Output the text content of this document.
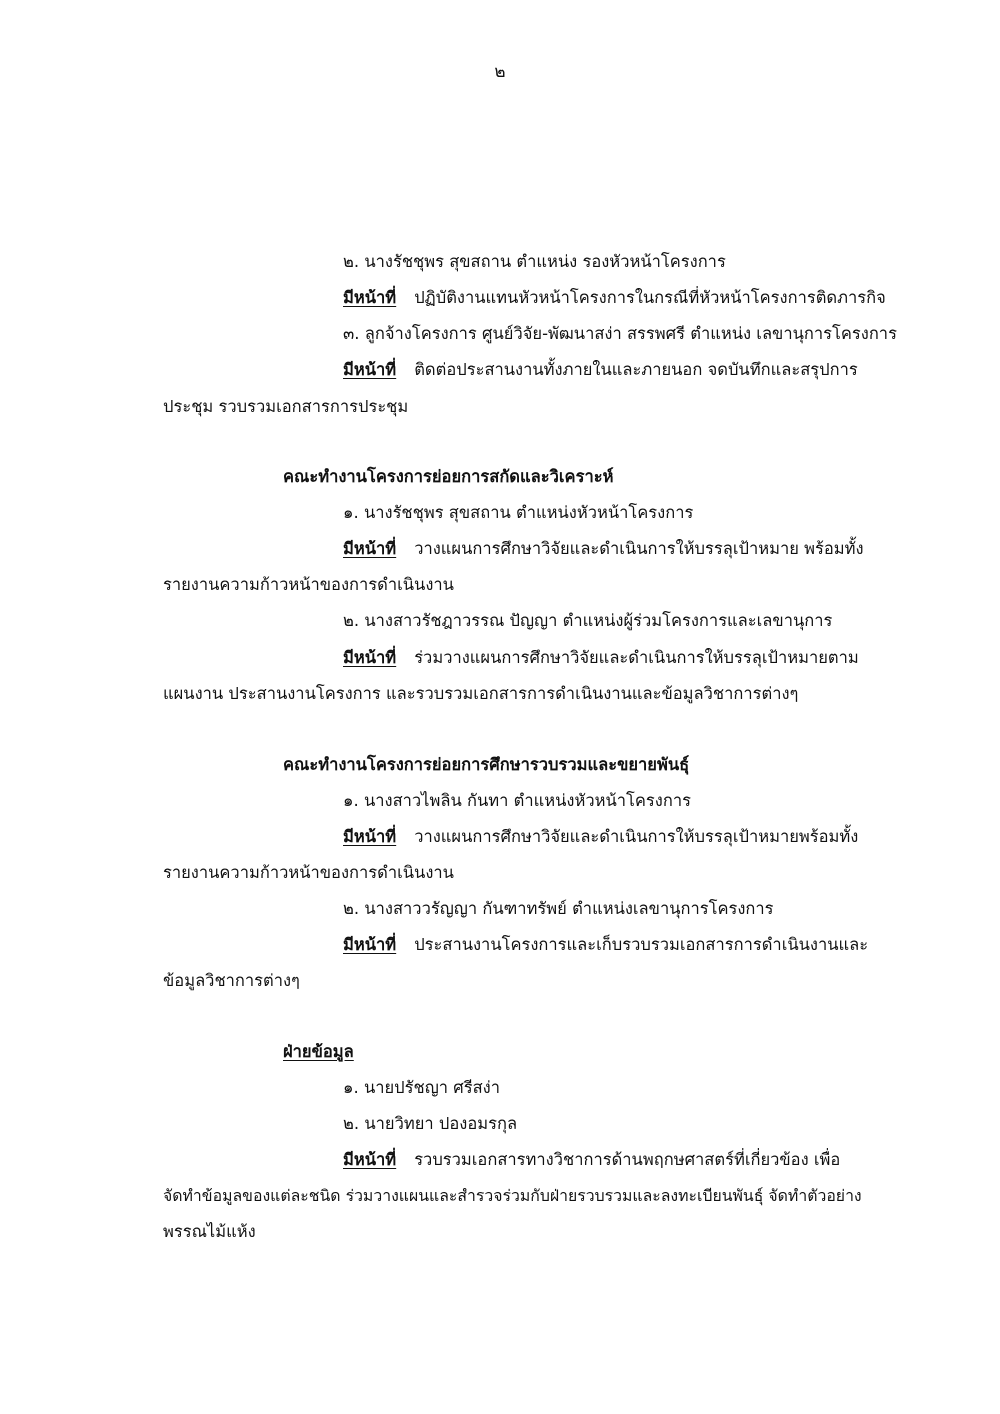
๒
๒. นางรัชชุพร สุขสถาน ตำแหน่ง รองหัวหน้าโครงการ
มีหน้าที่ ปฏิบัติงานแทนหัวหน้าโครงการในกรณีที่หัวหน้าโครงการติดภารกิจ
๓. ลูกจ้างโครงการ ศูนย์วิจัย-พัฒนาสง่า สรรพศรี ตำแหน่ง เลขานุการโครงการ
มีหน้าที่ ติดต่อประสานงานทั้งภายในและภายนอก จดบันทึกและสรุปการ
ประชุม รวบรวมเอกสารการประชุม
คณะทำงานโครงการย่อยการสกัดและวิเคราะห์
๑. นางรัชชุพร สุขสถาน ตำแหน่งหัวหน้าโครงการ
มีหน้าที่ วางแผนการศึกษาวิจัยและดำเนินการให้บรรลุเป้าหมาย พร้อมทั้ง
รายงานความก้าวหน้าของการดำเนินงาน
๒. นางสาวรัชฎาวรรณ ปัญญา ตำแหน่งผู้ร่วมโครงการและเลขานุการ
มีหน้าที่ ร่วมวางแผนการศึกษาวิจัยและดำเนินการให้บรรลุเป้าหมายตาม
แผนงาน ประสานงานโครงการ และรวบรวมเอกสารการดำเนินงานและข้อมูลวิชาการต่างๆ
คณะทำงานโครงการย่อยการศึกษารวบรวมและขยายพันธุ์
๑. นางสาวไพลิน กันทา ตำแหน่งหัวหน้าโครงการ
มีหน้าที่ วางแผนการศึกษาวิจัยและดำเนินการให้บรรลุเป้าหมายพร้อมทั้ง
รายงานความก้าวหน้าของการดำเนินงาน
๒. นางสาววรัญญา กันฑาทรัพย์ ตำแหน่งเลขานุการโครงการ
มีหน้าที่ ประสานงานโครงการและเก็บรวบรวมเอกสารการดำเนินงานและ
ข้อมูลวิชาการต่างๆ
ฝ่ายข้อมูล
๑. นายปรัชญา ศรีสง่า
๒. นายวิทยา ปองอมรกุล
มีหน้าที่ รวบรวมเอกสารทางวิชาการด้านพฤกษศาสตร์ที่เกี่ยวข้อง เพื่อ
จัดทำข้อมูลของแต่ละชนิด ร่วมวางแผนและสำรวจร่วมกับฝ่ายรวบรวมและลงทะเบียนพันธุ์ จัดทำตัวอย่าง
พรรณไม้แห้ง
